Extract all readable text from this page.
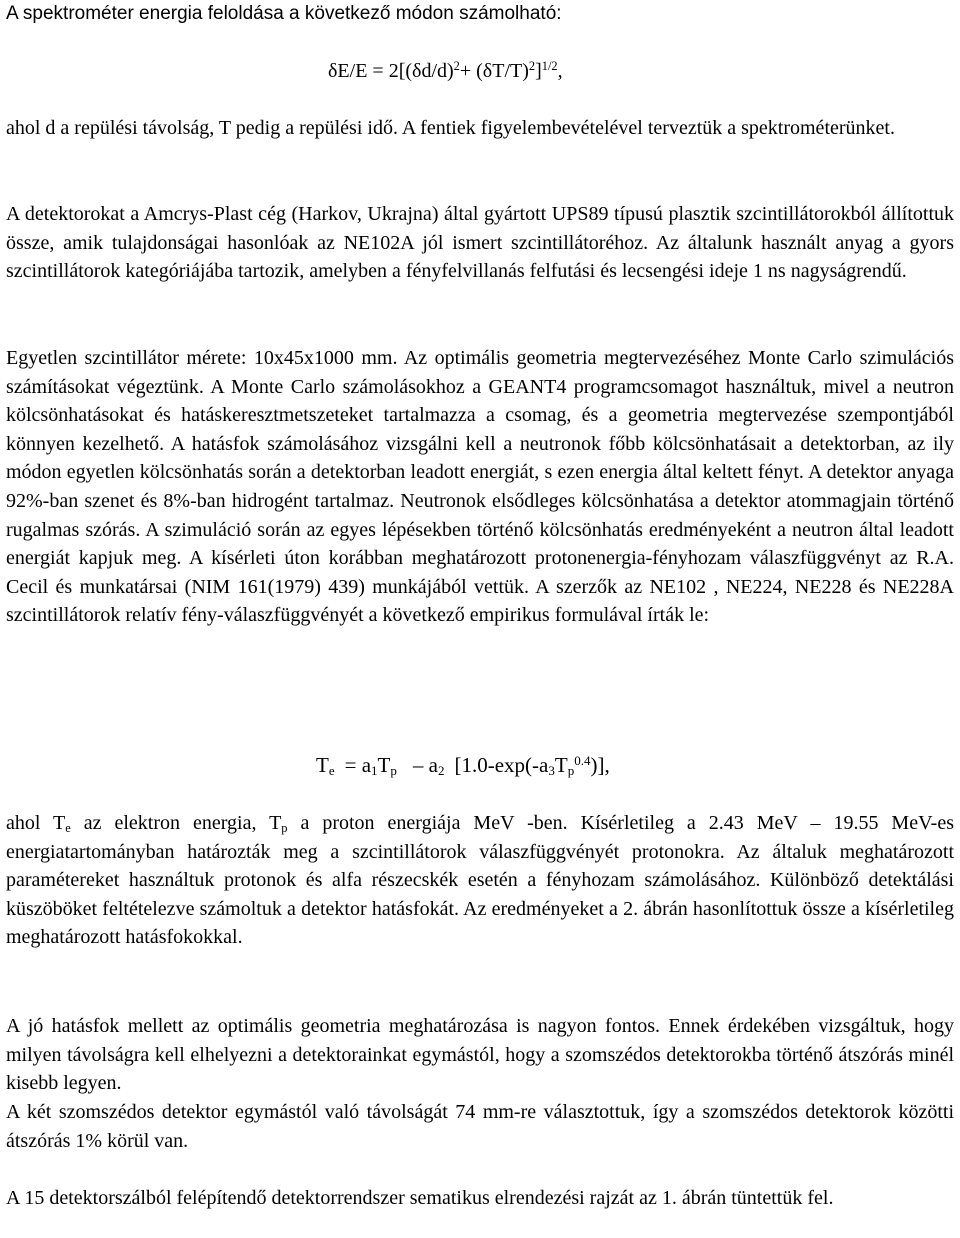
A spektrométer energia feloldása a következő módon számolható:
$\delta E/E = 2[(\delta d/d)^2+ (\delta T/T)^2]^{1/2}$,
ahol d a repülési távolság, T pedig a repülési idő. A fentiek figyelembevételével terveztük a spektrométerünket.
A detektorokat a Amcrys-Plast cég (Harkov, Ukrajna) által gyártott UPS89 típusú plasztik szcintillátorokból állítottuk össze, amik tulajdonságai hasonlóak az NE102A jól ismert szcintillátoréhoz. Az általunk használt anyag a gyors szcintillátorok kategóriájába tartozik, amelyben a fényfelvillanás felfutási és lecsengési ideje 1 ns nagyságrendű.
Egyetlen szcintillátor mérete: 10x45x1000 mm. Az optimális geometria megtervezéséhez Monte Carlo szimulációs számításokat végeztünk. A Monte Carlo számolásokhoz a GEANT4 programcsomagot használtuk, mivel a neutron kölcsönhatásokat és hatáskeresztmetszeteket tartalmazza a csomag, és a geometria megtervezése szempontjából könnyen kezelhető. A hatásfok számolásához vizsgálni kell a neutronok főbb kölcsönhatásait a detektorban, az ily módon egyetlen kölcsönhatás során a detektorban leadott energiát, s ezen energia által keltett fényt. A detektor anyaga 92%-ban szenet és 8%-ban hidrogént tartalmaz. Neutronok elsődleges kölcsönhatása a detektor atommagjain történő rugalmas szórás. A szimuláció során az egyes lépésekben történő kölcsönhatás eredményeként a neutron által leadott energiát kapjuk meg. A kísérleti úton korábban meghatározott protonenergia-fényhozam válaszfüggvényt az R.A. Cecil és munkatársai (NIM 161(1979) 439) munkájából vettük. A szerzők az NE102 , NE224, NE228 és NE228A szcintillátorok relatív fény-válaszfüggvényét a következő empirikus formulával írták le:
$T_e = a_1T_p - a_2$ $[1.0-\exp(-a_3T_p^{0.4})]$,
ahol $T_e$ az elektron energia, $T_p$ a proton energiája MeV -ben. Kísérletileg a 2.43 MeV – 19.55 MeV-es energiatartományban határozták meg a szcintillátorok válaszfüggvényét protonokra. Az általuk meghatározott paramétereket használtuk protonok és alfa részecskék esetén a fényhozam számolásához. Különböző detektálási küszöböket feltételezve számoltuk a detektor hatásfokát. Az eredményeket a 2. ábrán hasonlítottuk össze a kísérletileg meghatározott hatásfokokkal.
A jó hatásfok mellett az optimális geometria meghatározása is nagyon fontos. Ennek érdekében vizsgáltuk, hogy milyen távolságra kell elhelyezni a detektorainkat egymástól, hogy a szomszédos detektorokba történő átszórás minél kisebb legyen.
A két szomszédos detektor egymástól való távolságát 74 mm-re választottuk, így a szomszédos detektorok közötti átszórás 1% körül van.
A 15 detektorszálból felépítendő detektorrendszer sematikus elrendezési rajzát az 1. ábrán tüntettük fel.
